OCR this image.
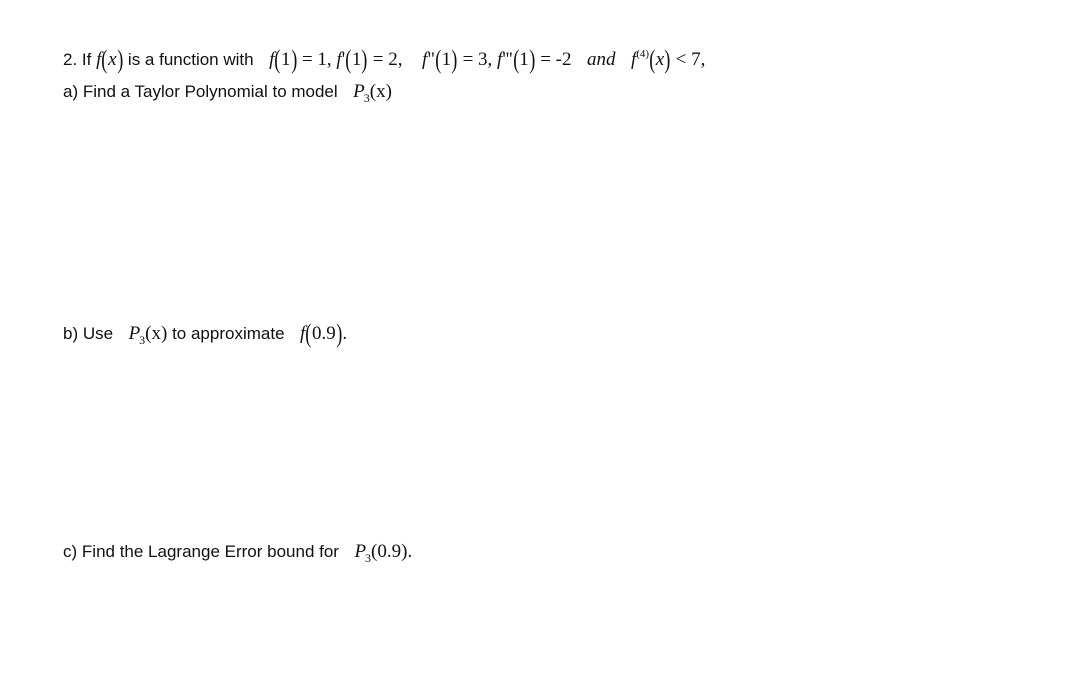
2. If f(x) is a function with f(1) = 1, f'(1) = 2, f"(1) = 3, f'''(1) = -2 and $f^{(4)}(x) < 7$,
a) Find a Taylor Polynomial to model $P_3(x)$
b) Use $P_3(x)$ to approximate f(0.9).
c) Find the Lagrange Error bound for $P_3(0.9)$.
